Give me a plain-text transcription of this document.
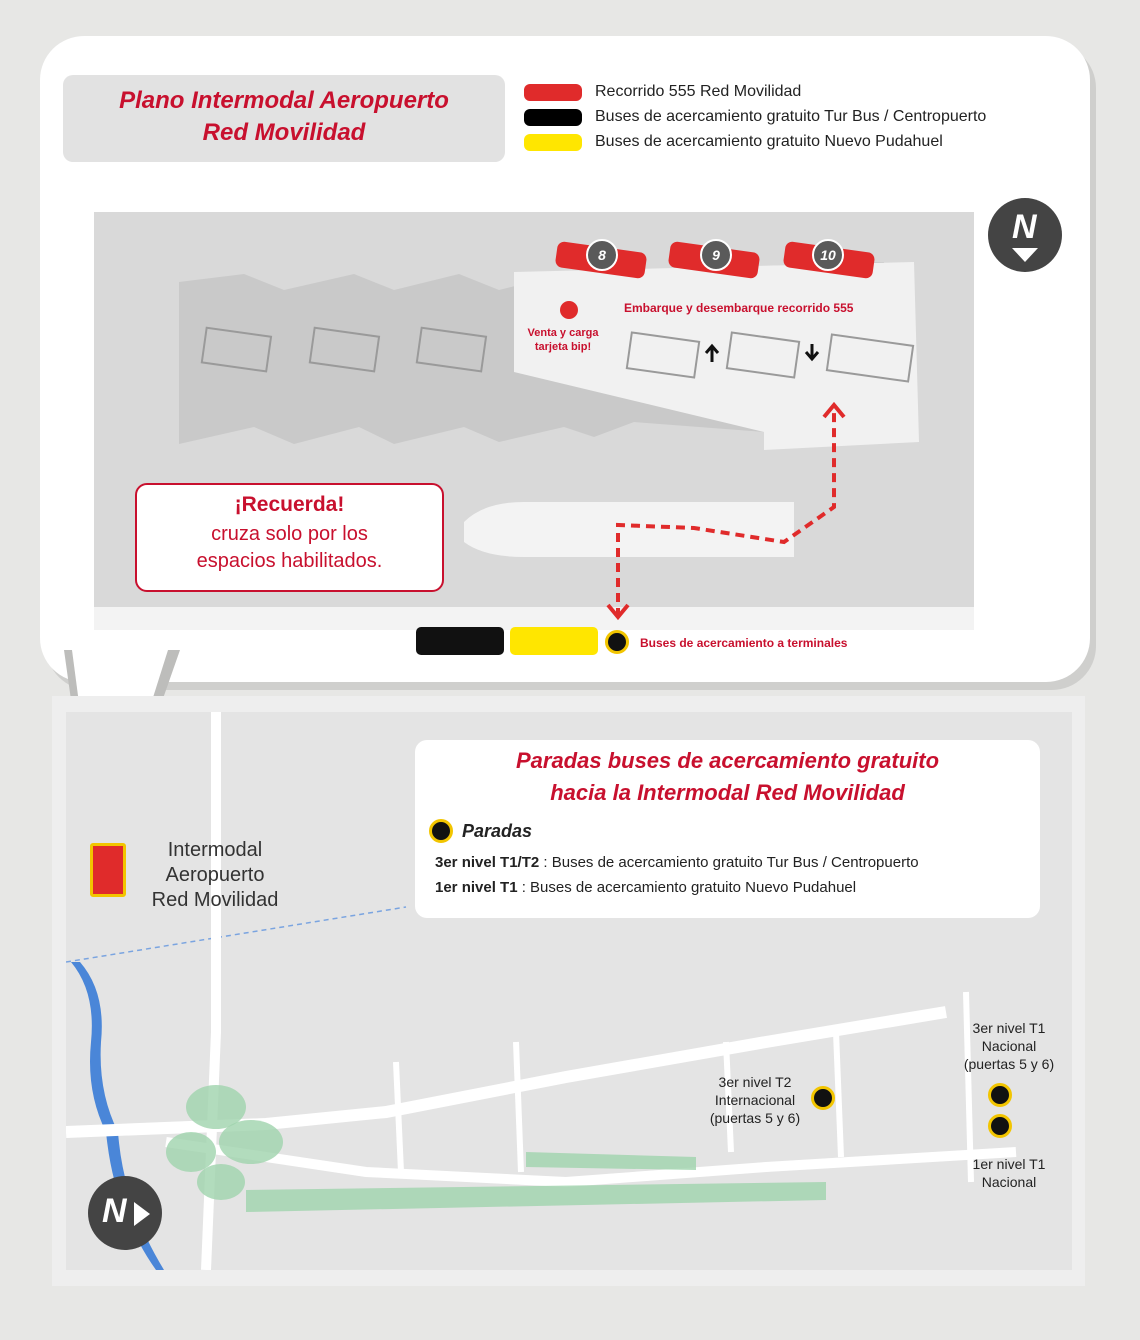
Plano Intermodal Aeropuerto
Red Movilidad
Recorrido 555 Red Movilidad
Buses de acercamiento gratuito Tur Bus / Centropuerto
Buses de acercamiento gratuito Nuevo Pudahuel
8	9	10
Embarque y desembarque recorrido 555
Venta y carga
tarjeta bip!
¡Recuerda!
cruza solo por los
espacios habilitados.
Buses de acercamiento a terminales
N
Intermodal
Aeropuerto
Red Movilidad
Paradas buses de acercamiento gratuito
hacia la Intermodal Red Movilidad
Paradas
3er nivel T1/T2 : Buses de acercamiento gratuito Tur Bus / Centropuerto
1er nivel T1 : Buses de acercamiento gratuito Nuevo Pudahuel
3er nivel T2
Internacional
(puertas 5 y 6)
3er nivel T1
Nacional
(puertas 5 y 6)
1er nivel T1
Nacional
N
